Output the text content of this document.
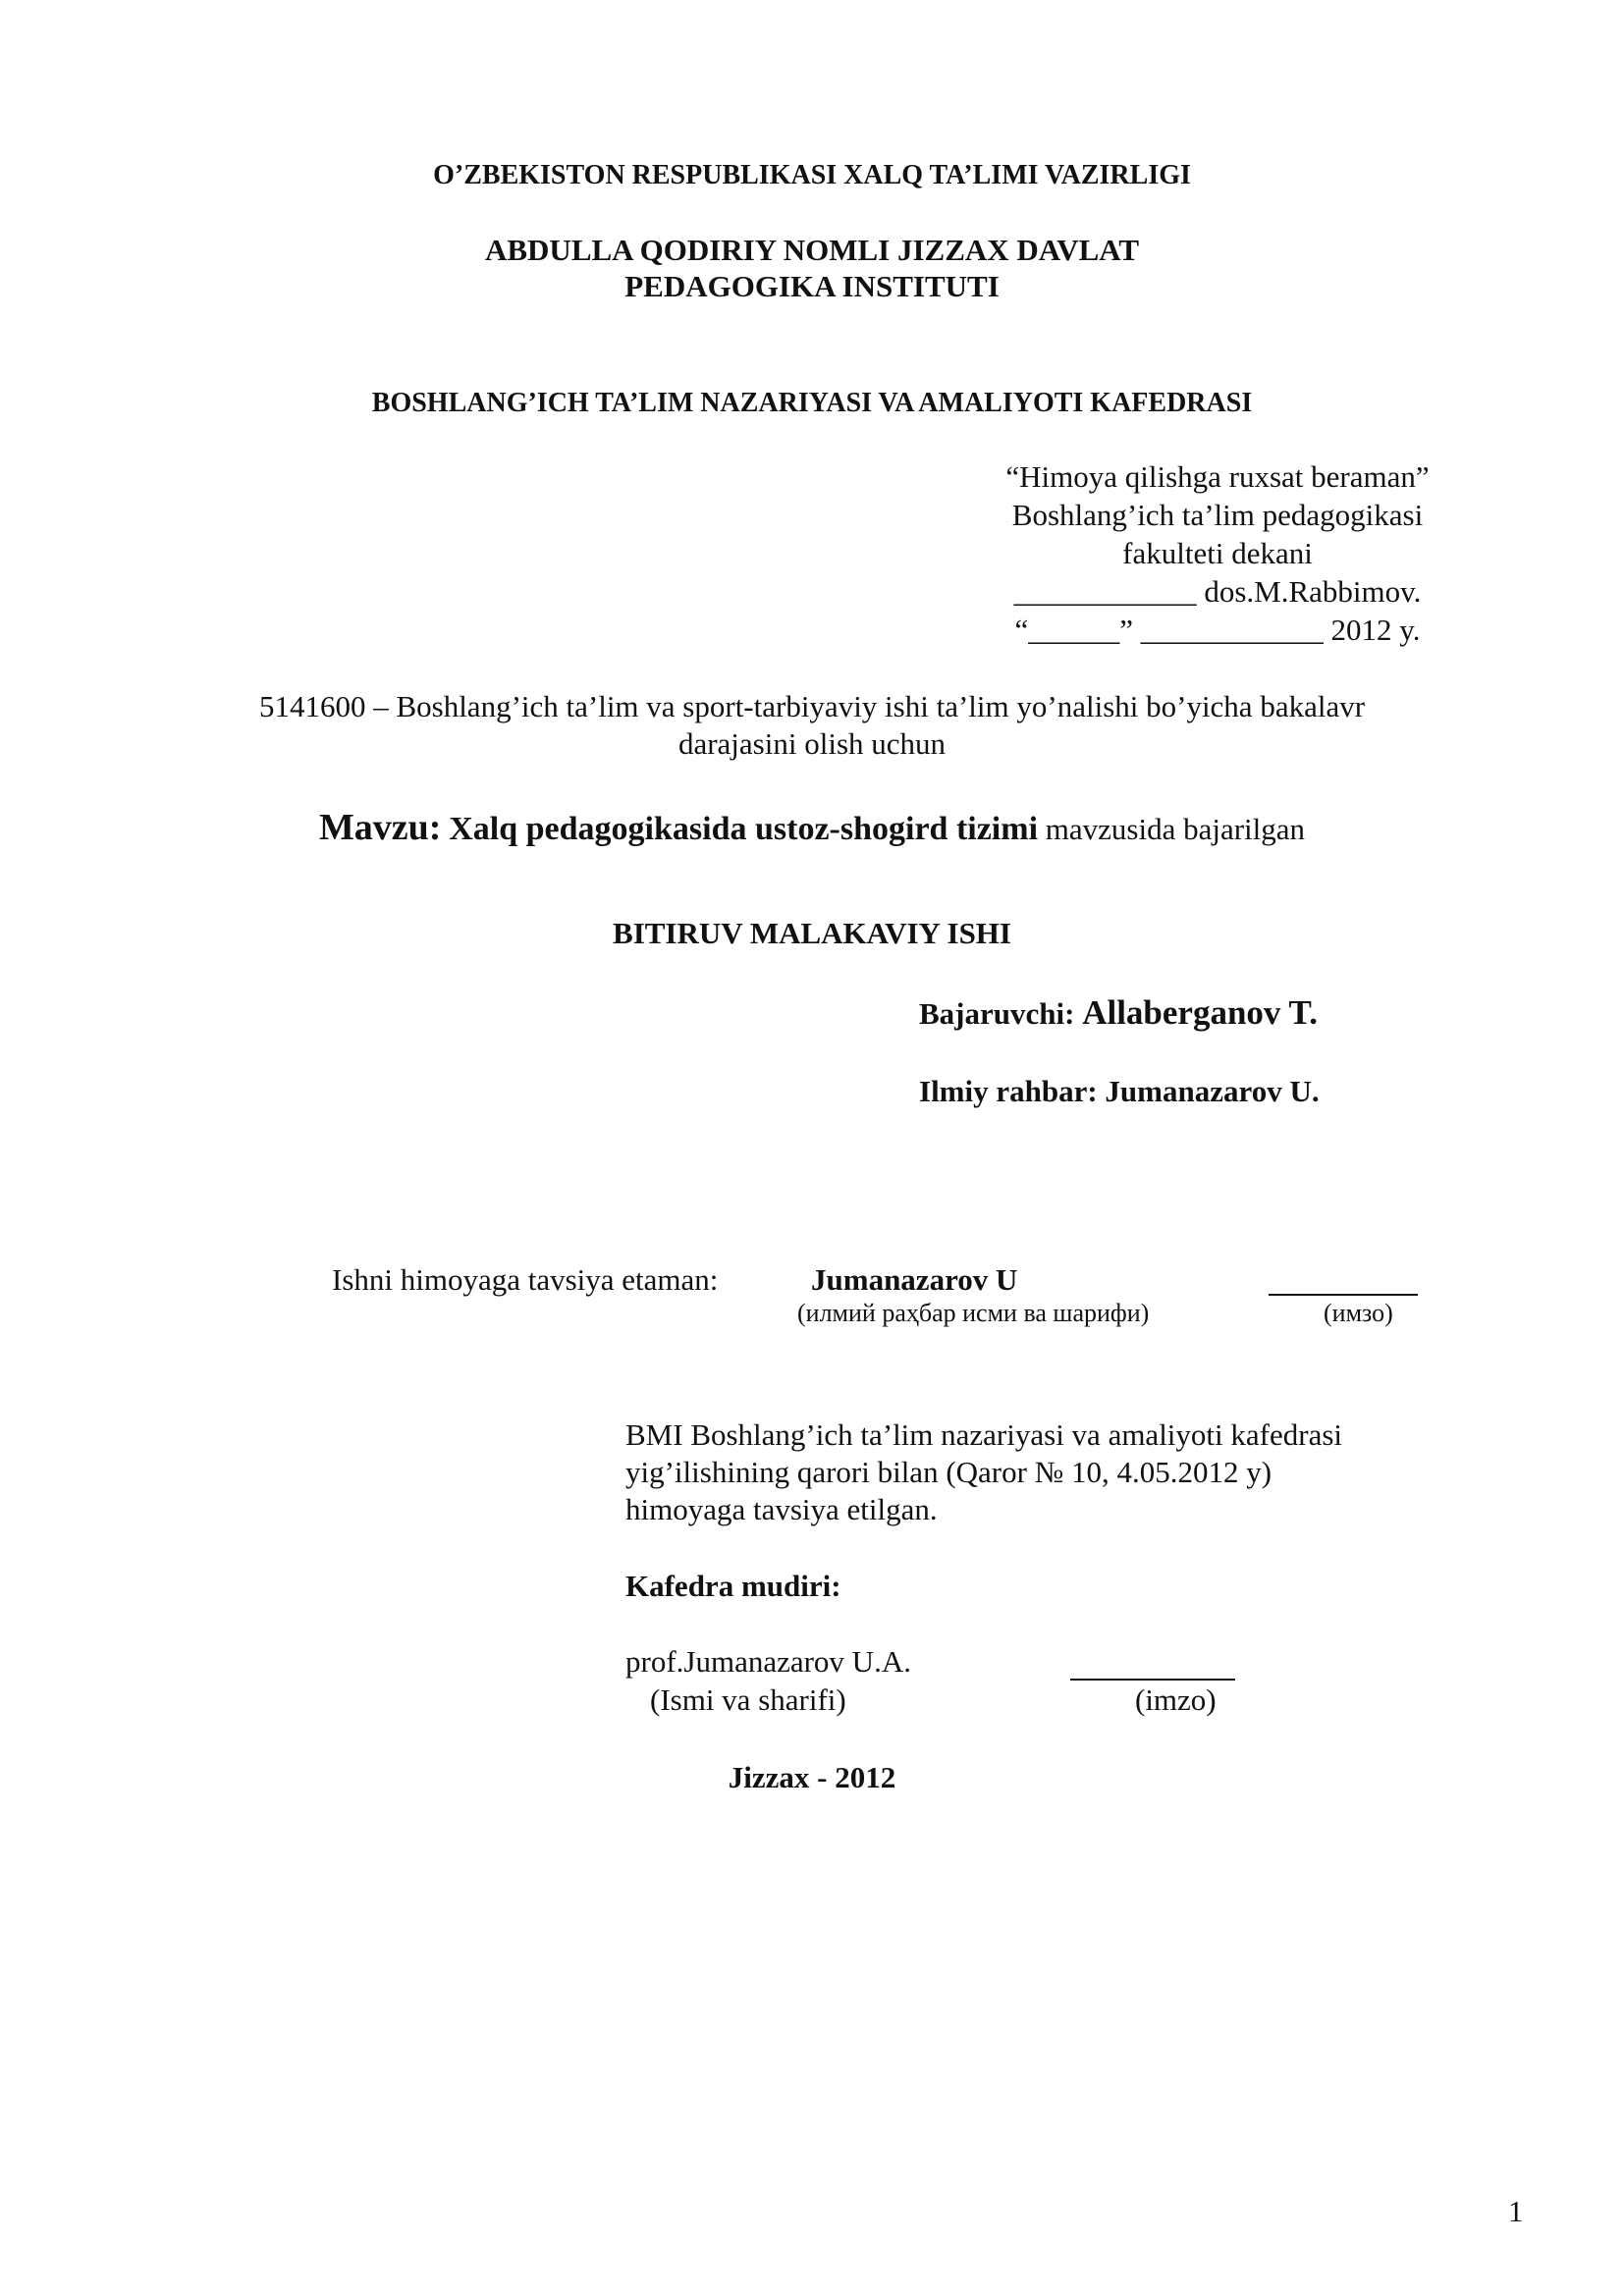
O’ZBEKISTON RESPUBLIKASI XALQ TA’LIMI VAZIRLIGI
ABDULLA QODIRIY NOMLI JIZZAX DAVLAT
PEDAGOGIKA INSTITUTI
BOSHLANG’ICH TA’LIM NAZARIYASI VA AMALIYOTI KAFEDRASI
“Himoya qilishga ruxsat beraman”
Boshlang’ich ta’lim pedagogikasi
fakulteti dekani
____________ dos.M.Rabbimov.
“______” ____________ 2012 y.
5141600 – Boshlang’ich ta’lim va sport-tarbiyaviy ishi ta’lim yo’nalishi bo’yicha bakalavr
darajasini olish uchun
Mavzu: Xalq pedagogikasida ustoz-shogird tizimi mavzusida bajarilgan
BITIRUV MALAKAVIY ISHI
Bajaruvchi: Allaberganov T.
Ilmiy rahbar: Jumanazarov U.
Ishni himoyaga tavsiya etaman:	Jumanazarov U
(илмий раҳбар исми ва шарифи)	(имзо)
BMI Boshlang’ich ta’lim nazariyasi va amaliyoti kafedrasi
yig’ilishining qarori bilan (Qaror № 10, 4.05.2012 y)
himoyaga tavsiya etilgan.
Kafedra mudiri:
prof.Jumanazarov U.A.
(Ismi va sharifi)	(imzo)
Jizzax - 2012
1
